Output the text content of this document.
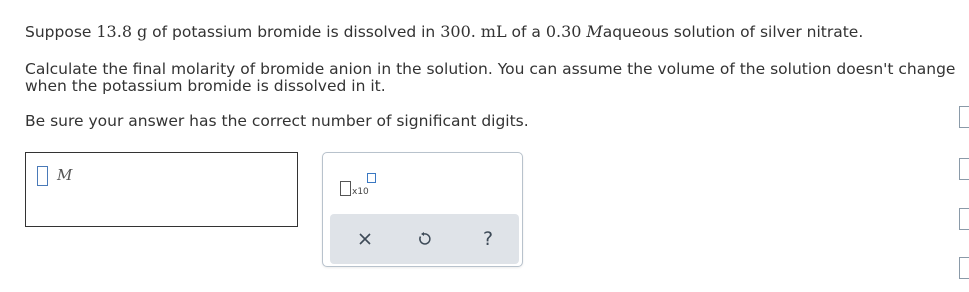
Suppose 13.8 g of potassium bromide is dissolved in 300. mL of a 0.30 Maqueous solution of silver nitrate.

Calculate the final molarity of bromide anion in the solution. You can assume the volume of the solution doesn't change

when the potassium bromide is dissolved in it.

Be sure your answer has the correct number of significant digits.

M
x10
?
